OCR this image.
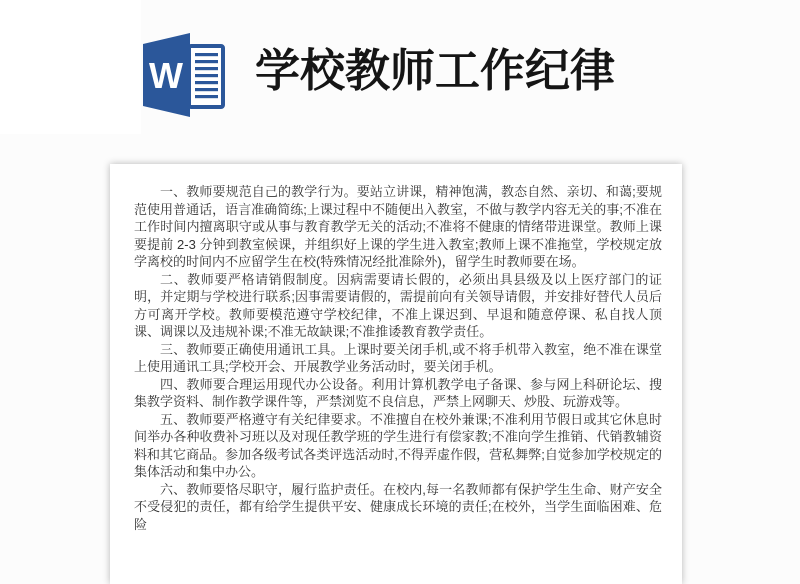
W 学校教师工作纪律

一、教师要规范自己的教学行为。要站立讲课，精神饱满，教态自然、亲切、和蔼;要规范使用普通话，语言准确简练;上课过程中不随便出入教室，不做与教学内容无关的事;不准在工作时间内擅离职守或从事与教育教学无关的活动;不准将不健康的情绪带进课堂。教师上课要提前 2-3 分钟到教室候课，并组织好上课的学生进入教室;教师上课不准拖堂，学校规定放学离校的时间内不应留学生在校(特殊情况经批准除外)，留学生时教师要在场。

二、教师要严格请销假制度。因病需要请长假的，必须出具县级及以上医疗部门的证明，并定期与学校进行联系;因事需要请假的，需提前向有关领导请假，并安排好替代人员后方可离开学校。教师要模范遵守学校纪律，不准上课迟到、早退和随意停课、私自找人顶课、调课以及违规补课;不准无故缺课;不准推诿教育教学责任。

三、教师要正确使用通讯工具。上课时要关闭手机,或不将手机带入教室，绝不准在课堂上使用通讯工具;学校开会、开展教学业务活动时，要关闭手机。

四、教师要合理运用现代办公设备。利用计算机教学电子备课、参与网上科研论坛、搜集教学资料、制作教学课件等，严禁浏览不良信息，严禁上网聊天、炒股、玩游戏等。

五、教师要严格遵守有关纪律要求。不准擅自在校外兼课;不准利用节假日或其它休息时间举办各种收费补习班以及对现任教学班的学生进行有偿家教;不准向学生推销、代销教辅资料和其它商品。参加各级考试各类评选活动时,不得弄虚作假，营私舞弊;自觉参加学校规定的集体活动和集中办公。

六、教师要恪尽职守，履行监护责任。在校内,每一名教师都有保护学生生命、财产安全不受侵犯的责任，都有给学生提供平安、健康成长环境的责任;在校外，当学生面临困难、危险
